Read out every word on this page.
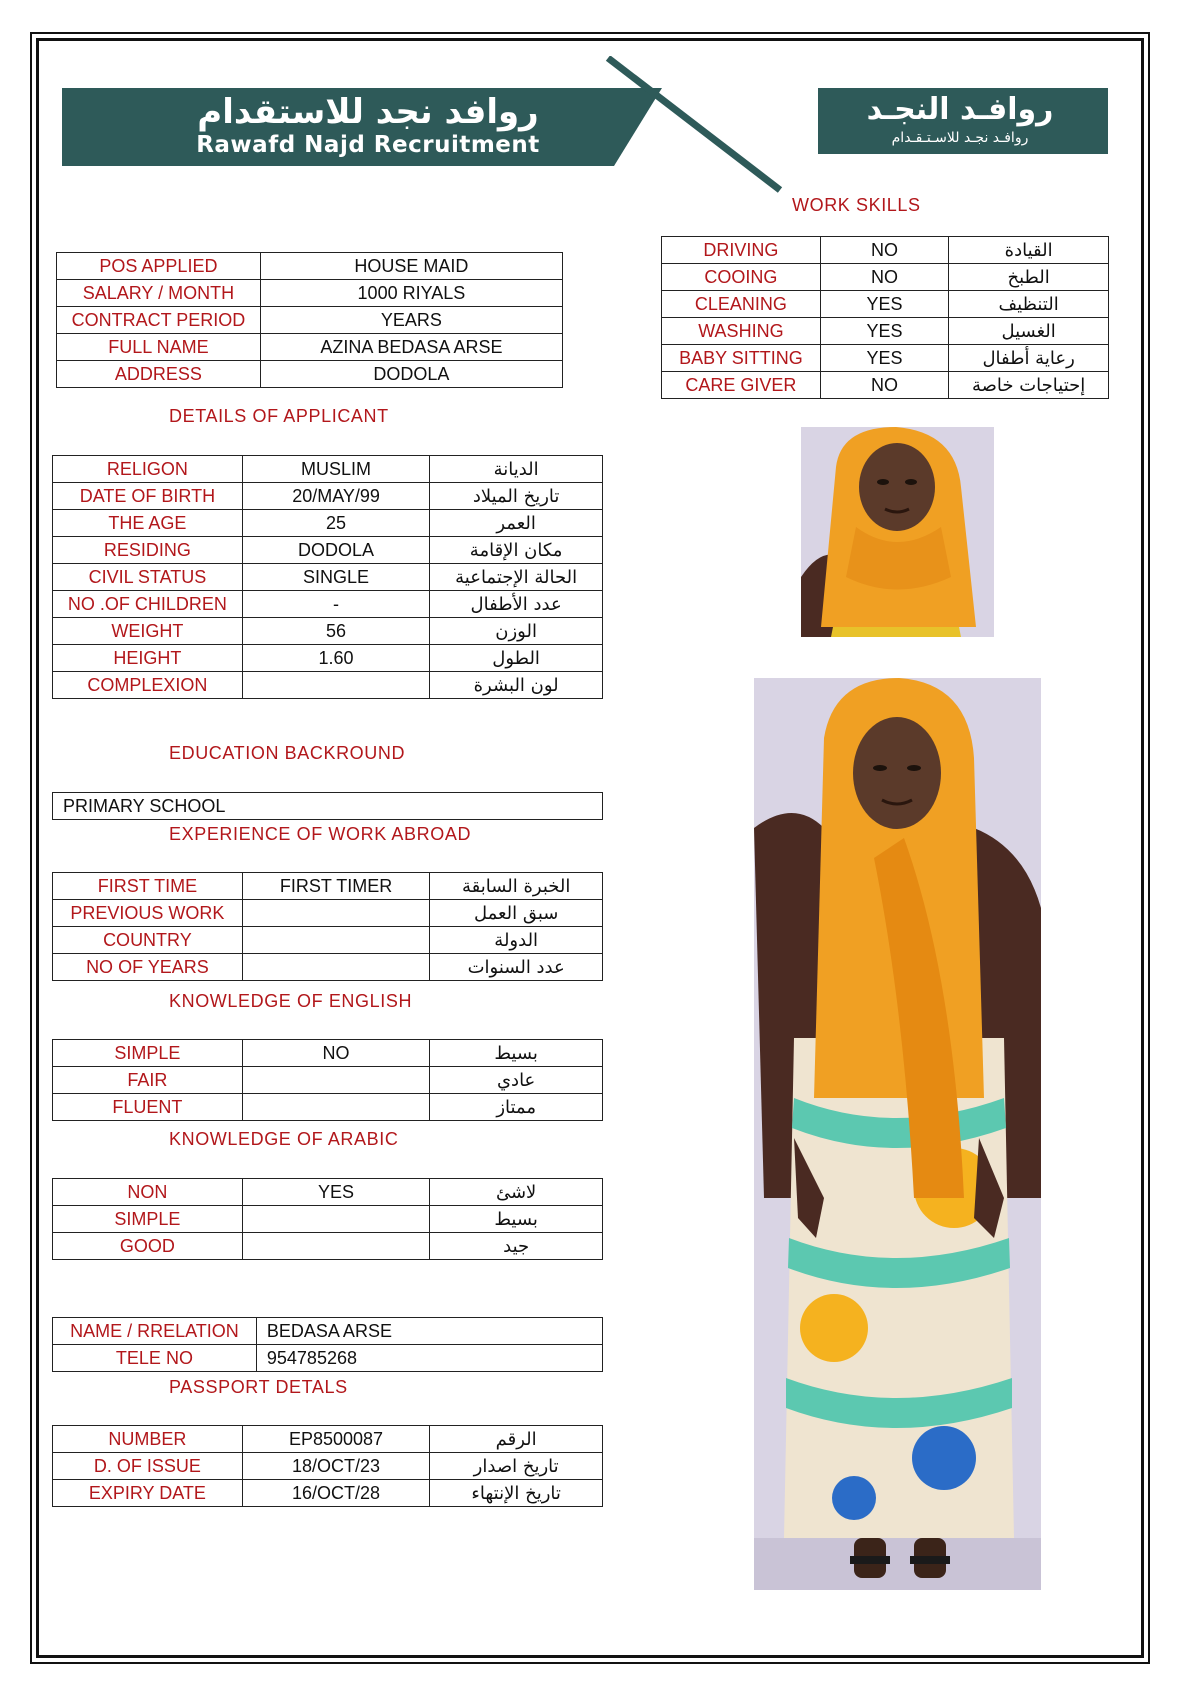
روافد نجد للاستقدام
Rawafd Najd Recruitment
روافـد النجـد
روافـد نجـد للاسـتـقـدام
WORK SKILLS
DRIVING	NO	القيادة
COOING	NO	الطبخ
CLEANING	YES	التنظيف
WASHING	YES	الغسيل
BABY SITTING	YES	رعاية أطفال
CARE GIVER	NO	إحتياجات خاصة
POS APPLIED	HOUSE MAID
SALARY / MONTH	1000 RIYALS
CONTRACT PERIOD	YEARS
FULL NAME	AZINA BEDASA ARSE
ADDRESS	DODOLA
DETAILS OF APPLICANT
RELIGON	MUSLIM	الديانة
DATE OF BIRTH	20/MAY/99	تاريخ الميلاد
THE AGE	25	العمر
RESIDING	DODOLA	مكان الإقامة
CIVIL STATUS	SINGLE	الحالة الإجتماعية
NO .OF CHILDREN	-	عدد الأطفال
WEIGHT	56	الوزن
HEIGHT	1.60	الطول
COMPLEXION		لون البشرة
EDUCATION BACKROUND
PRIMARY SCHOOL
EXPERIENCE OF WORK ABROAD
FIRST TIME	FIRST TIMER	الخبرة السابقة
PREVIOUS WORK		سبق العمل
COUNTRY		الدولة
NO OF YEARS		عدد السنوات
KNOWLEDGE OF ENGLISH
SIMPLE	NO	بسيط
FAIR		عادي
FLUENT		ممتاز
KNOWLEDGE OF ARABIC
NON	YES	لاشئ
SIMPLE		بسيط
GOOD		جيد
NAME / RRELATION	BEDASA ARSE
TELE NO	954785268
PASSPORT DETALS
NUMBER	EP8500087	الرقم
D. OF ISSUE	18/OCT/23	تاريخ اصدار
EXPIRY DATE	16/OCT/28	تاريخ الإنتهاء
